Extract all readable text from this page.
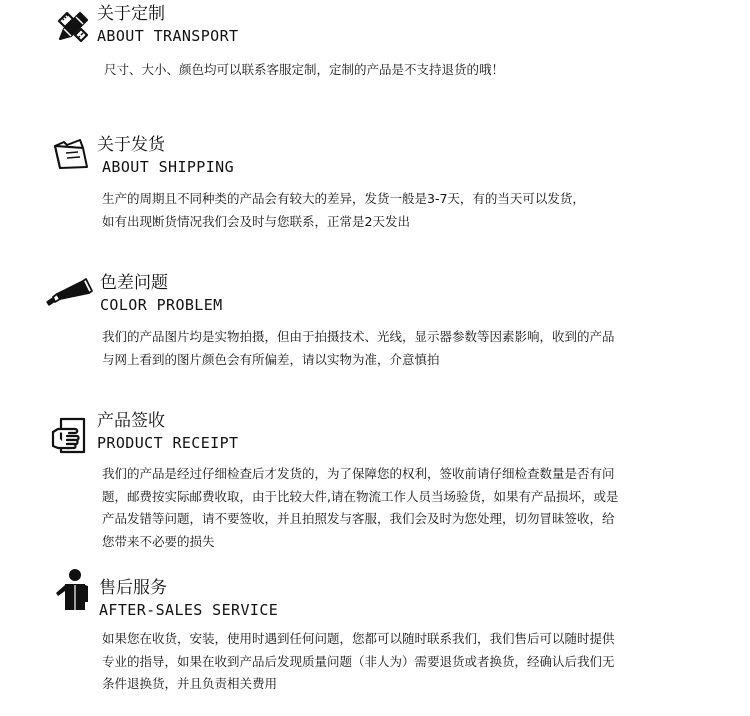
关于定制
ABOUT TRANSPORT
尺寸、大小、颜色均可以联系客服定制，定制的产品是不支持退货的哦！
关于发货
ABOUT SHIPPING
生产的周期且不同种类的产品会有较大的差异，发货一般是3-7天，有的当天可以发货，
如有出现断货情况我们会及时与您联系，正常是2天发出
色差问题
COLOR PROBLEM
我们的产品图片均是实物拍摄，但由于拍摄技术、光线，显示器参数等因素影响，收到的产品
与网上看到的图片颜色会有所偏差，请以实物为准，介意慎拍
产品签收
PRODUCT RECEIPT
我们的产品是经过仔细检查后才发货的，为了保障您的权利，签收前请仔细检查数量是否有问
题，邮费按实际邮费收取，由于比较大件,请在物流工作人员当场验货，如果有产品损坏，或是
产品发错等问题，请不要签收，并且拍照发与客服，我们会及时为您处理，切勿冒昧签收，给
您带来不必要的损失
售后服务
AFTER-SALES SERVICE
如果您在收货，安装，使用时遇到任何问题，您都可以随时联系我们，我们售后可以随时提供
专业的指导，如果在收到产品后发现质量问题（非人为）需要退货或者换货，经确认后我们无
条件退换货，并且负责相关费用
